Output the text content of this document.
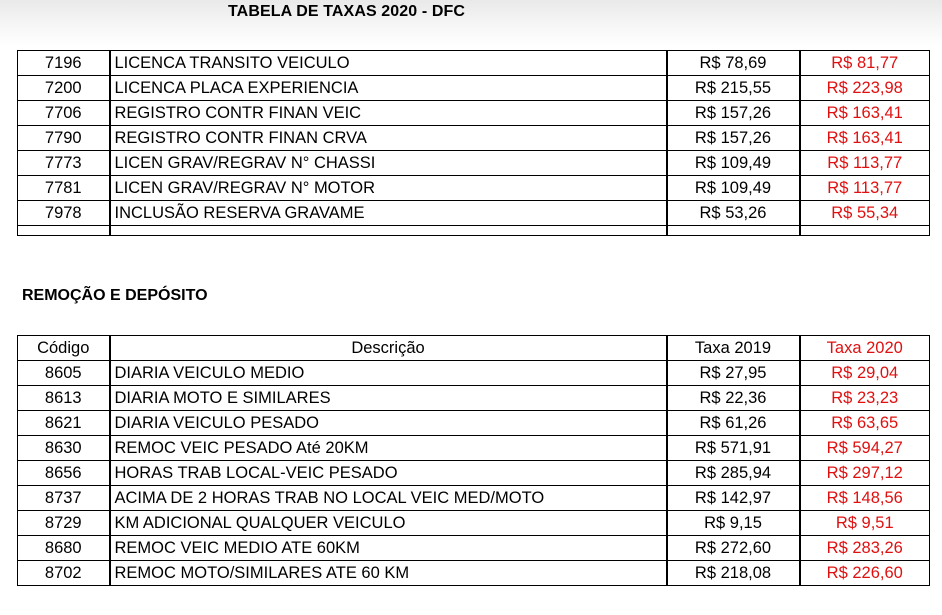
TABELA DE TAXAS 2020 - DFC
7196	LICENCA TRANSITO VEICULO	R$ 78,69	R$ 81,77
7200	LICENCA PLACA EXPERIENCIA	R$ 215,55	R$ 223,98
7706	REGISTRO CONTR FINAN VEIC	R$ 157,26	R$ 163,41
7790	REGISTRO CONTR FINAN CRVA	R$ 157,26	R$ 163,41
7773	LICEN GRAV/REGRAV N° CHASSI	R$ 109,49	R$ 113,77
7781	LICEN GRAV/REGRAV N° MOTOR	R$ 109,49	R$ 113,77
7978	INCLUSÃO RESERVA GRAVAME	R$ 53,26	R$ 55,34

REMOÇÃO E DEPÓSITO
Código	Descrição	Taxa 2019	Taxa 2020
8605	DIARIA VEICULO MEDIO	R$ 27,95	R$ 29,04
8613	DIARIA MOTO E SIMILARES	R$ 22,36	R$ 23,23
8621	DIARIA VEICULO PESADO	R$ 61,26	R$ 63,65
8630	REMOC VEIC PESADO Até 20KM	R$ 571,91	R$ 594,27
8656	HORAS TRAB LOCAL-VEIC PESADO	R$ 285,94	R$ 297,12
8737	ACIMA DE 2 HORAS TRAB NO LOCAL VEIC MED/MOTO	R$ 142,97	R$ 148,56
8729	KM ADICIONAL QUALQUER VEICULO	R$ 9,15	R$ 9,51
8680	REMOC VEIC MEDIO ATE 60KM	R$ 272,60	R$ 283,26
8702	REMOC MOTO/SIMILARES ATE 60 KM	R$ 218,08	R$ 226,60
